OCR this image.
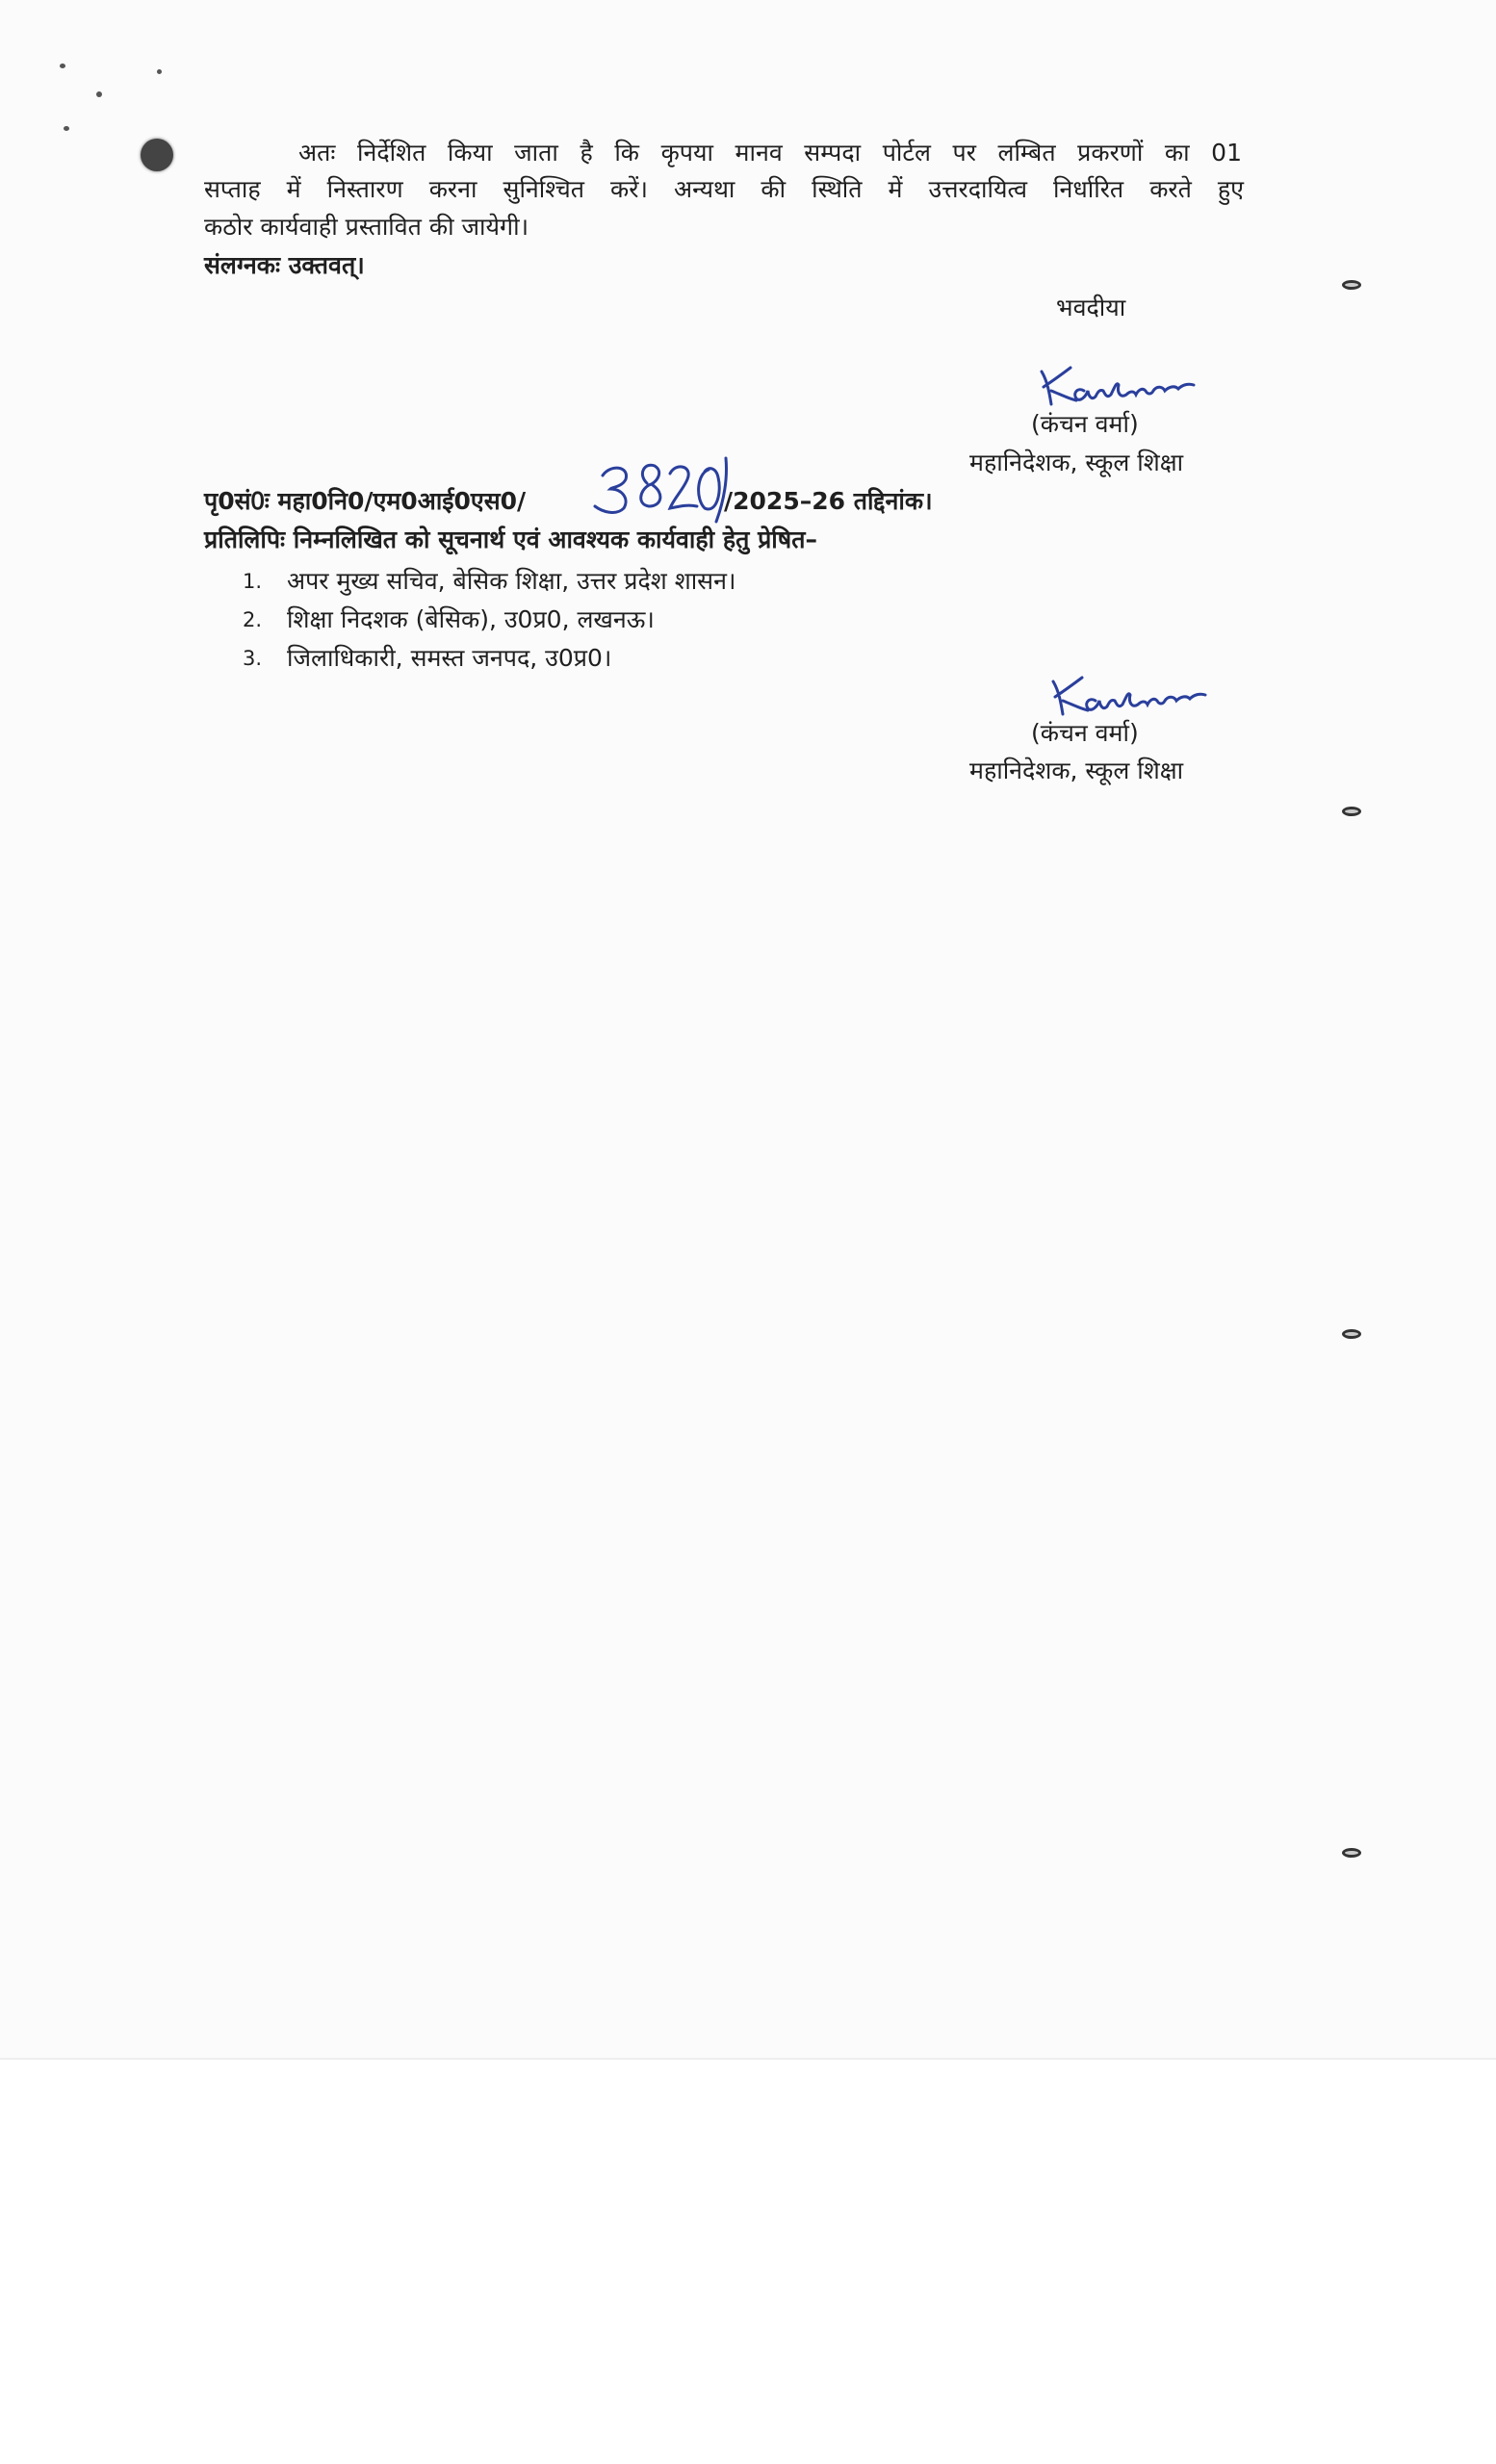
अतः निर्देशित किया जाता है कि कृपया मानव सम्पदा पोर्टल पर लम्बित प्रकरणों का 01
सप्ताह में निस्तारण करना सुनिश्चित करें। अन्यथा की स्थिति में उत्तरदायित्व निर्धारित करते हुए
कठोर कार्यवाही प्रस्तावित की जायेगी।
संलग्नकः उक्तवत्।
भवदीया
(कंचन वर्मा)
महानिदेशक, स्कूल शिक्षा
पृ0सं0ः महा0नि0/एम0आई0एस0/	/2025–26 तद्दिनांक।
प्रतिलिपिः निम्नलिखित को सूचनार्थ एवं आवश्यक कार्यवाही हेतु प्रेषित–
1.	अपर मुख्य सचिव, बेसिक शिक्षा, उत्तर प्रदेश शासन।
2.	शिक्षा निदशक (बेसिक), उ0प्र0, लखनऊ।
3.	जिलाधिकारी, समस्त जनपद, उ0प्र0।
(कंचन वर्मा)
महानिदेशक, स्कूल शिक्षा
